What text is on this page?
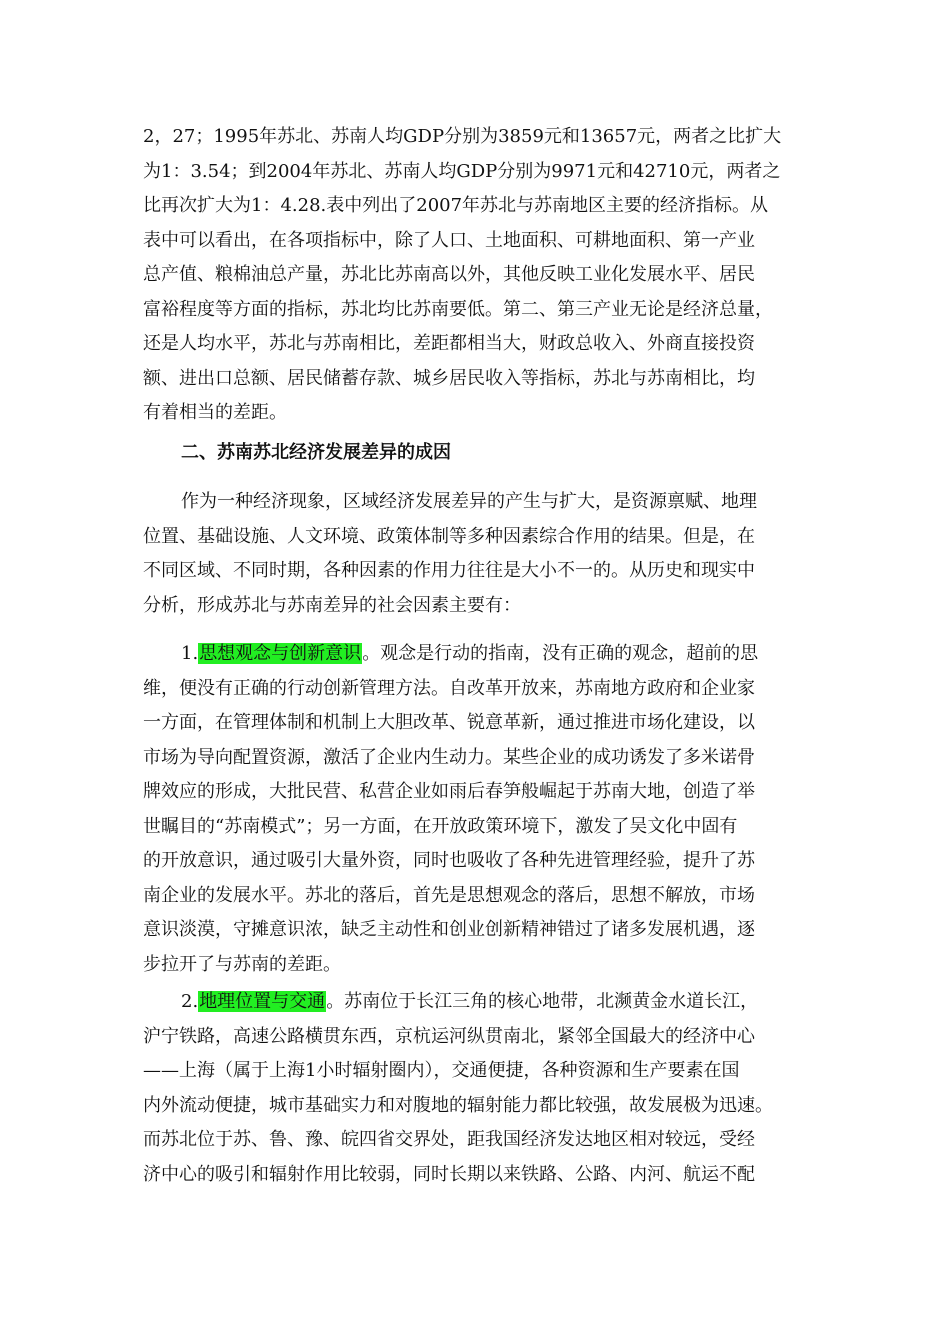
2，27；1995年苏北、苏南人均GDP分别为3859元和13657元，两者之比扩大
为1：3.54；到2004年苏北、苏南人均GDP分别为9971元和42710元，两者之
比再次扩大为1：4.28.表中列出了2007年苏北与苏南地区主要的经济指标。从
表中可以看出，在各项指标中，除了人口、土地面积、可耕地面积、第一产业
总产值、粮棉油总产量，苏北比苏南高以外，其他反映工业化发展水平、居民
富裕程度等方面的指标，苏北均比苏南要低。第二、第三产业无论是经济总量，
还是人均水平，苏北与苏南相比，差距都相当大，财政总收入、外商直接投资
额、进出口总额、居民储蓄存款、城乡居民收入等指标，苏北与苏南相比，均
有着相当的差距。
二、苏南苏北经济发展差异的成因
作为一种经济现象，区域经济发展差异的产生与扩大，是资源禀赋、地理
位置、基础设施、人文环境、政策体制等多种因素综合作用的结果。但是，在
不同区域、不同时期，各种因素的作用力往往是大小不一的。从历史和现实中
分析，形成苏北与苏南差异的社会因素主要有：
1.思想观念与创新意识。观念是行动的指南，没有正确的观念，超前的思
维，便没有正确的行动创新管理方法。自改革开放来，苏南地方政府和企业家
一方面，在管理体制和机制上大胆改革、锐意革新，通过推进市场化建设，以
市场为导向配置资源，激活了企业内生动力。某些企业的成功诱发了多米诺骨
牌效应的形成，大批民营、私营企业如雨后春笋般崛起于苏南大地，创造了举
世瞩目的“苏南模式”；另一方面，在开放政策环境下，激发了吴文化中固有
的开放意识，通过吸引大量外资，同时也吸收了各种先进管理经验，提升了苏
南企业的发展水平。苏北的落后，首先是思想观念的落后，思想不解放，市场
意识淡漠，守摊意识浓，缺乏主动性和创业创新精神错过了诸多发展机遇，逐
步拉开了与苏南的差距。
2.地理位置与交通。苏南位于长江三角的核心地带，北濒黄金水道长江，
沪宁铁路，高速公路横贯东西，京杭运河纵贯南北，紧邻全国最大的经济中心
——上海（属于上海1小时辐射圈内），交通便捷，各种资源和生产要素在国
内外流动便捷，城市基础实力和对腹地的辐射能力都比较强，故发展极为迅速。
而苏北位于苏、鲁、豫、皖四省交界处，距我国经济发达地区相对较远，受经
济中心的吸引和辐射作用比较弱，同时长期以来铁路、公路、内河、航运不配
